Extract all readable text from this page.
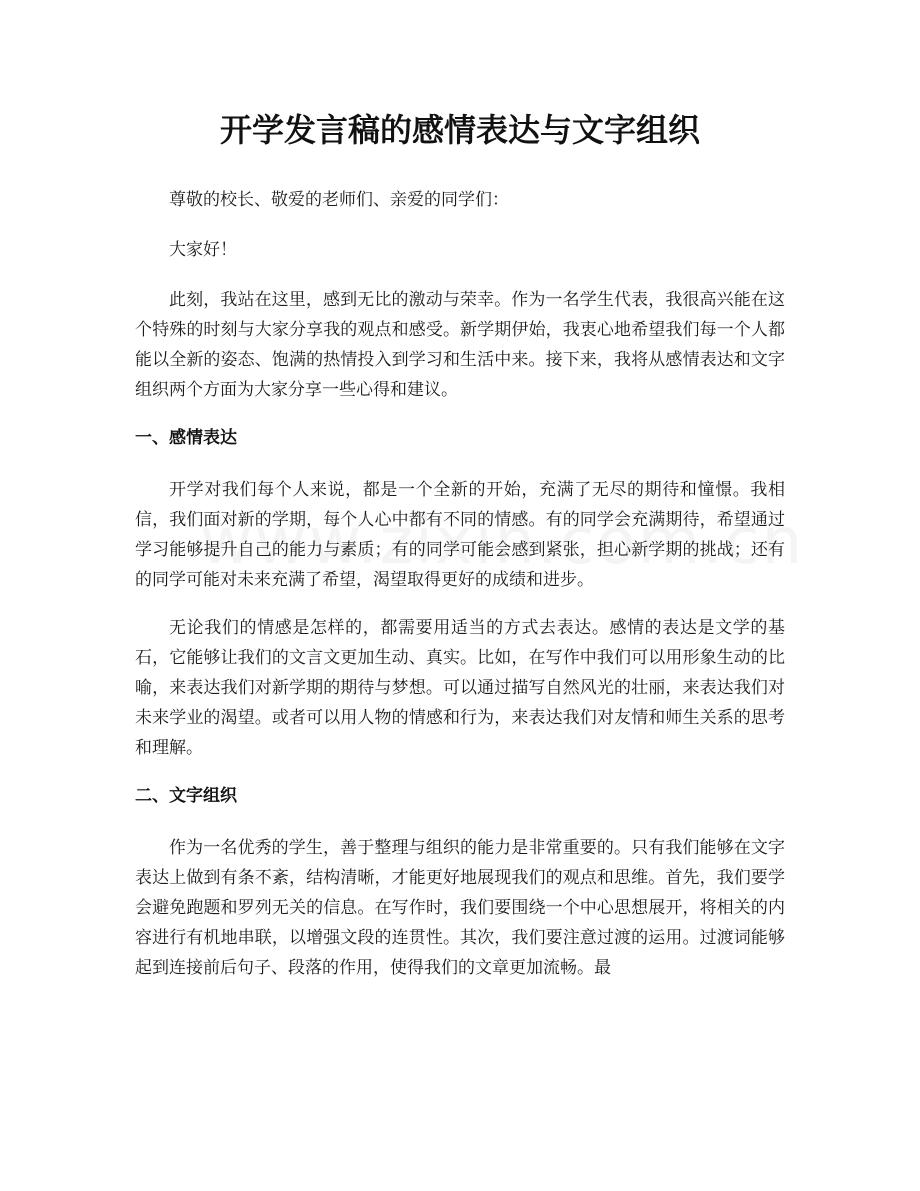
开学发言稿的感情表达与文字组织

尊敬的校长、敬爱的老师们、亲爱的同学们：

大家好！

此刻，我站在这里，感到无比的激动与荣幸。作为一名学生代表，我很高兴能在这个特殊的时刻与大家分享我的观点和感受。新学期伊始，我衷心地希望我们每一个人都能以全新的姿态、饱满的热情投入到学习和生活中来。接下来，我将从感情表达和文字组织两个方面为大家分享一些心得和建议。

一、感情表达

开学对我们每个人来说，都是一个全新的开始，充满了无尽的期待和憧憬。我相信，我们面对新的学期，每个人心中都有不同的情感。有的同学会充满期待，希望通过学习能够提升自己的能力与素质；有的同学可能会感到紧张，担心新学期的挑战；还有的同学可能对未来充满了希望，渴望取得更好的成绩和进步。

无论我们的情感是怎样的，都需要用适当的方式去表达。感情的表达是文学的基石，它能够让我们的文言文更加生动、真实。比如，在写作中我们可以用形象生动的比喻，来表达我们对新学期的期待与梦想。可以通过描写自然风光的壮丽，来表达我们对未来学业的渴望。或者可以用人物的情感和行为，来表达我们对友情和师生关系的思考和理解。

二、文字组织

作为一名优秀的学生，善于整理与组织的能力是非常重要的。只有我们能够在文字表达上做到有条不紊，结构清晰，才能更好地展现我们的观点和思维。首先，我们要学会避免跑题和罗列无关的信息。在写作时，我们要围绕一个中心思想展开，将相关的内容进行有机地串联，以增强文段的连贯性。其次，我们要注意过渡的运用。过渡词能够起到连接前后句子、段落的作用，使得我们的文章更加流畅。最
